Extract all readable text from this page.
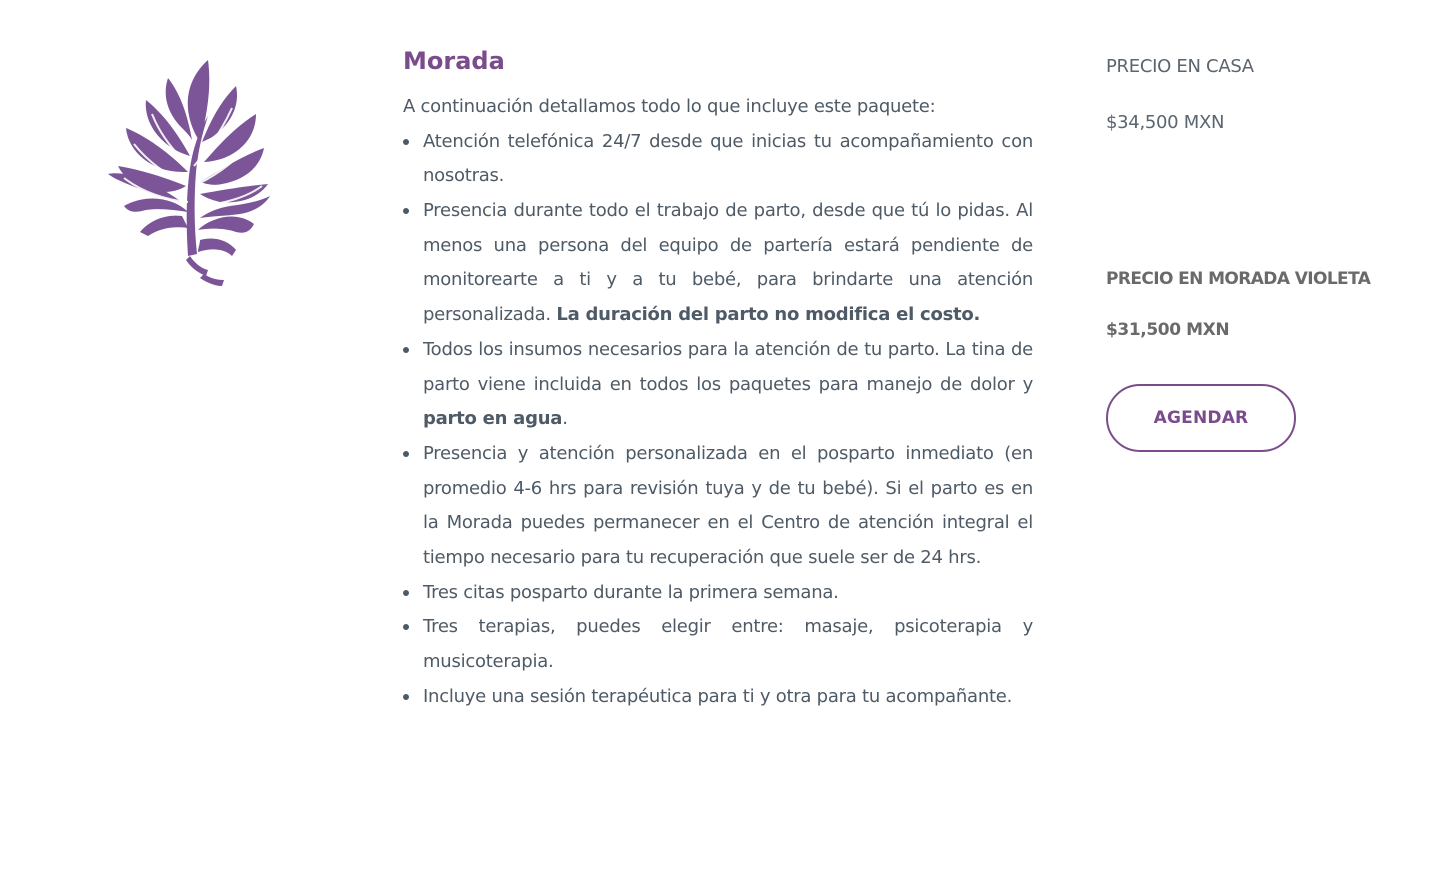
Morada

A continuación detallamos todo lo que incluye este paquete:

Atención telefónica 24/7 desde que inicias tu acompañamiento con nosotras.
Presencia durante todo el trabajo de parto, desde que tú lo pidas. Al menos una persona del equipo de partería estará pendiente de monitorearte a ti y a tu bebé, para brindarte una atención personalizada. La duración del parto no modifica el costo.
Todos los insumos necesarios para la atención de tu parto. La tina de parto viene incluida en todos los paquetes para manejo de dolor y parto en agua.
Presencia y atención personalizada en el posparto inmediato (en promedio 4-6 hrs para revisión tuya y de tu bebé). Si el parto es en la Morada puedes permanecer en el Centro de atención integral el tiempo necesario para tu recuperación que suele ser de 24 hrs.
Tres citas posparto durante la primera semana.
Tres terapias, puedes elegir entre: masaje, psicoterapia y musicoterapia.
Incluye una sesión terapéutica para ti y otra para tu acompañante.
PRECIO EN CASA
$34,500 MXN
PRECIO EN MORADA VIOLETA
$31,500 MXN
AGENDAR
